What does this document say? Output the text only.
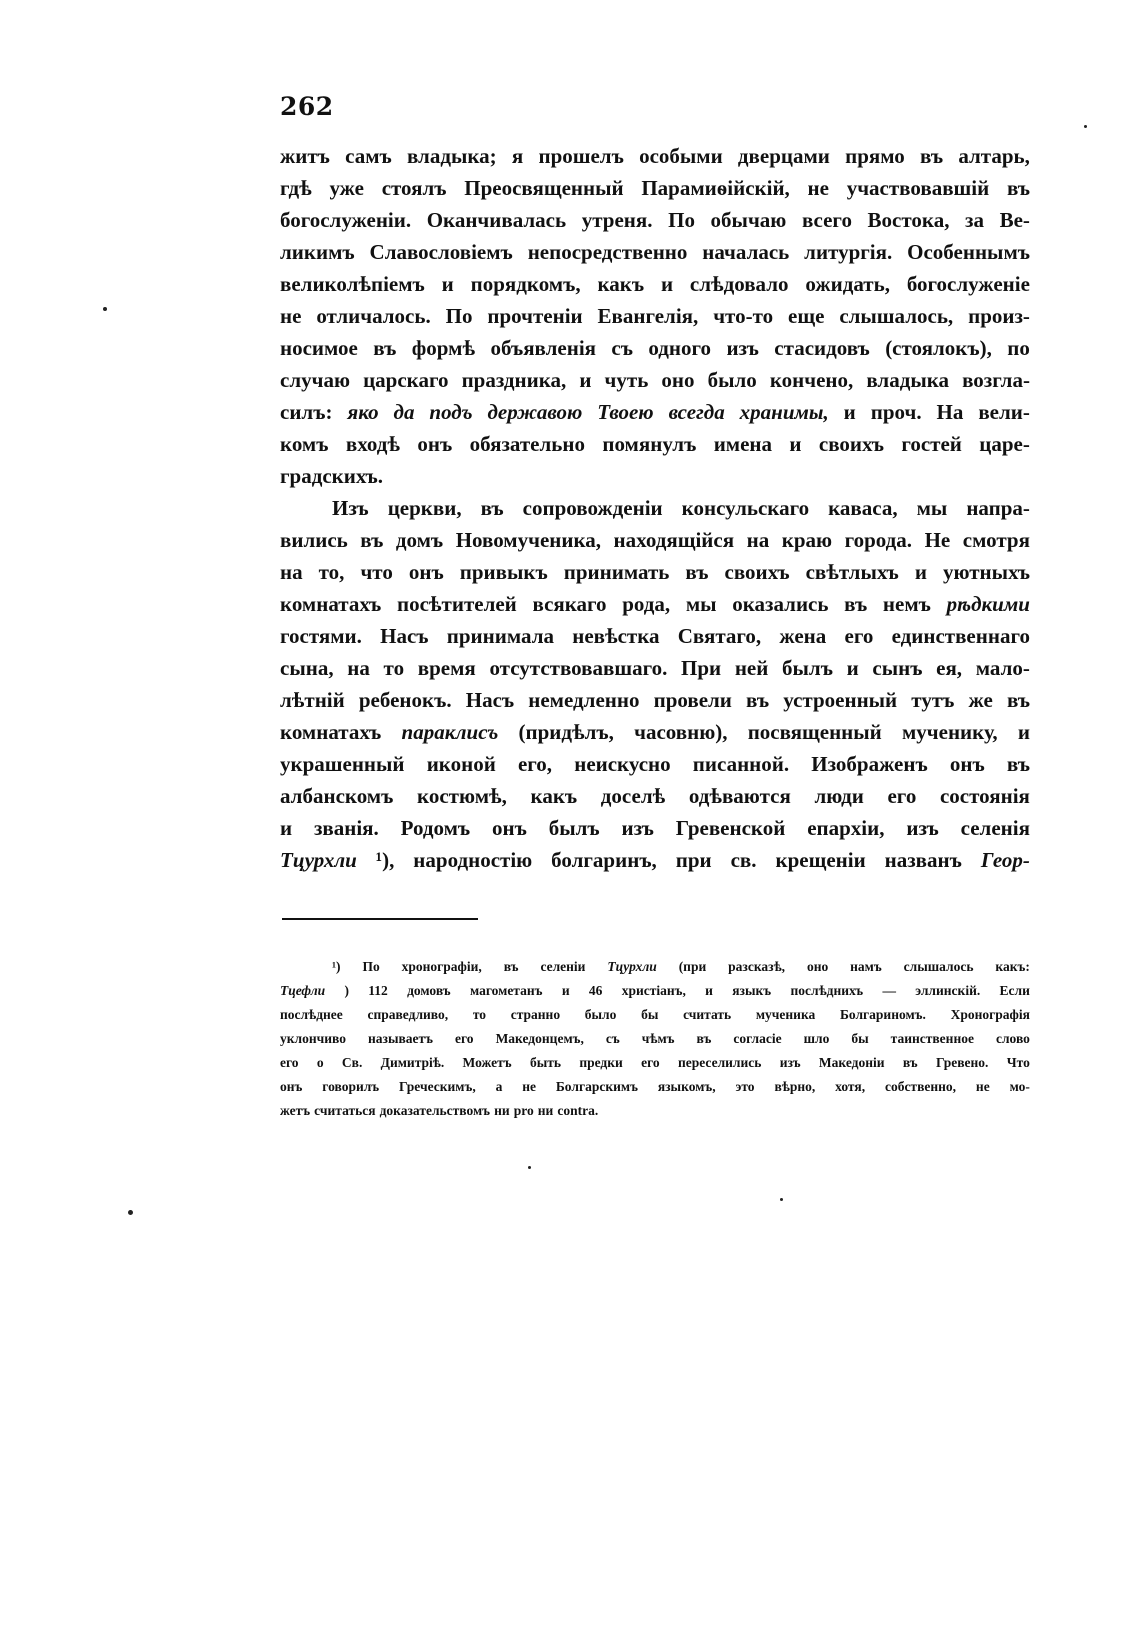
262
житъ самъ владыка; я прошелъ особыми дверцами прямо въ алтарь,
гдѣ уже стоялъ Преосвященный Парамиѳійскій, не участвовавшій въ
богослуженіи. Оканчивалась утреня. По обычаю всего Востока, за Ве-
ликимъ Славословіемъ непосредственно началась литургія. Особеннымъ
великолѣпіемъ и порядкомъ, какъ и слѣдовало ожидать, богослуженіе
не отличалось. По прочтеніи Евангелія, что-то еще слышалось, произ-
носимое въ формѣ объявленія съ одного изъ стасидовъ (стоялокъ), по
случаю царскаго праздника, и чуть оно было кончено, владыка возгла-
силъ: яко да подъ державою Твоею всегда хранимы, и проч. На вели-
комъ входѣ онъ обязательно помянулъ имена и своихъ гостей царе-
градскихъ.
Изъ церкви, въ сопровожденіи консульскаго каваса, мы напра-
вились въ домъ Новомученика, находящійся на краю города. Не смотря
на то, что онъ привыкъ принимать въ своихъ свѣтлыхъ и уютныхъ
комнатахъ посѣтителей всякаго рода, мы оказались въ немъ рѣдкими
гостями. Насъ принимала невѣстка Святаго, жена его единственнаго
сына, на то время отсутствовавшаго. При ней былъ и сынъ ея, мало-
лѣтній ребенокъ. Насъ немедленно провели въ устроенный тутъ же въ
комнатахъ параклисъ (придѣлъ, часовню), посвященный мученику, и
украшенный иконой его, неискусно писанной. Изображенъ онъ въ
албанскомъ костюмѣ, какъ доселѣ одѣваются люди его состоянія
и званія. Родомъ онъ былъ изъ Гревенской епархіи, изъ селенія
Тцурхли ¹), народностію болгаринъ, при св. крещеніи названъ Геор-
¹) По хронографіи, въ селеніи Тцурхли (при разсказѣ, оно намъ слышалось какъ:
Тцефли ) 112 домовъ магометанъ и 46 христіанъ, и языкъ послѣднихъ — эллинскій. Если
послѣднее справедливо, то странно было бы считать мученика Болгариномъ. Хронографія
уклончиво называетъ его Македонцемъ, съ чѣмъ въ согласіе шло бы таинственное слово
его о Св. Димитріѣ. Можетъ быть предки его переселились изъ Македоніи въ Гревено. Что
онъ говорилъ Греческимъ, а не Болгарскимъ языкомъ, это вѣрно, хотя, собственно, не мо-
жетъ считаться доказательствомъ ни pro ни contra.
